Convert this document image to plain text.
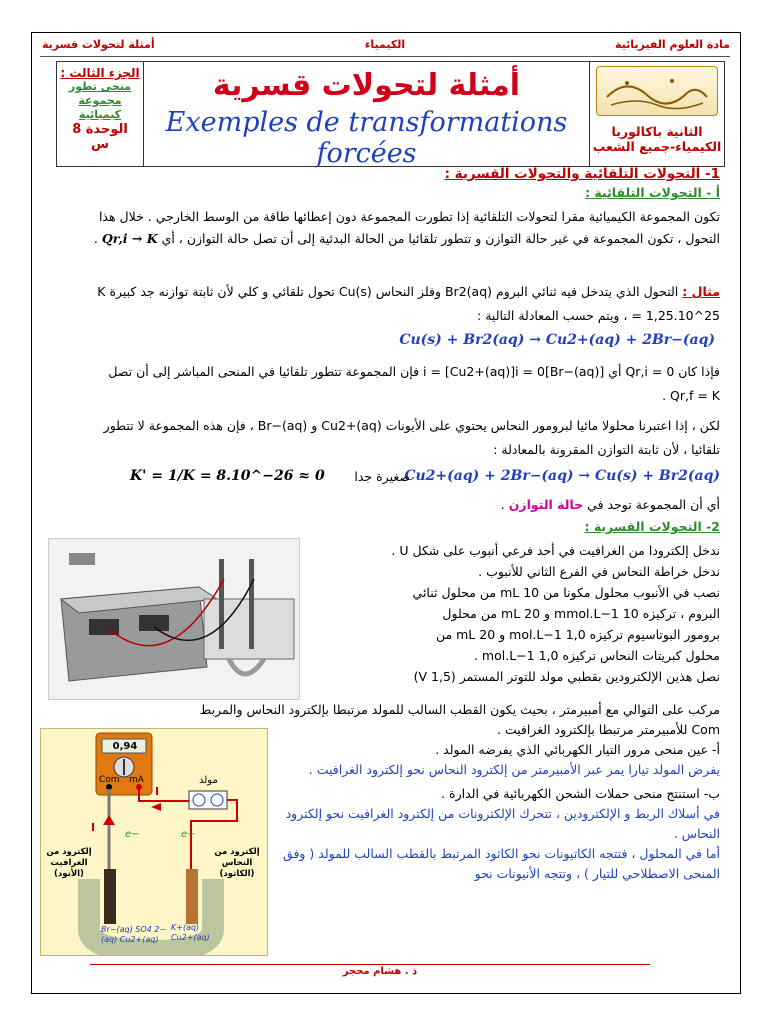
مادة العلوم الفيزيائية
الكيمياء
أمثلة لتحولات قسرية
الجزء الثالث :
منحى تطور مجموعة كيميائية
الوحدة 8
س
أمثلة لتحولات قسرية
Exemples de transformations forcées
الثانية باكالوريا
الكيمياء-جميع الشعب
1- التحولات التلقائية والتحولات القسرية :
أ - التحولات التلقائية :
تكون المجموعة الكيميائية مقرا لتحولات التلقائية إذا تطورت المجموعة دون إعطائها طاقة من الوسط الخارجي . خلال هذا التحول ، تكون المجموعة في غير حالة التوازن و تتطور تلقائيا من الحالة البدئية إلى أن تصل حالة التوازن ، أي Qr,i → K .
مثال : التحول الذي يتدخل فيه ثنائي البروم Br2(aq) وفلز النحاس Cu(s) تحول تلقائي و كلي لأن ثابتة توازنه جد كبيرة K = 1,25.10^25 ، ويتم حسب المعادلة التالية :
Cu(s) + Br2(aq) → Cu2+(aq) + 2Br−(aq)
فإذا كان Qr,i = 0 أي [Br−(aq)]i = [Cu2+(aq)]i = 0 فإن المجموعة تتطور تلقائيا في المنحى المباشر إلى أن تصل Qr,f = K .
لكن ، إذا اعتبرنا محلولا مائيا لبرومور النحاس يحتوي على الأيونات Cu2+(aq) و Br−(aq) ، فإن هذه المجموعة لا تتطور تلقائيا ، لأن ثابتة التوازن المقرونة بالمعادلة :
Cu2+(aq) + 2Br−(aq) → Cu(s) + Br2(aq)
صغيرة جدا
K' = 1/K = 8.10^−26 ≈ 0
أي أن المجموعة توجد في حالة التوازن .
2- التحولات القسرية :
ندخل إلكترودا من الغرافيت في أحد فرعي أنبوب على شكل U .
ندخل خراطة النحاس في الفرع الثاني للأنبوب .
نصب في الأنبوب محلول مكونا من 10 mL من محلول ثنائي
البروم ، تركيزه 10 mmol.L−1 و 20 mL من محلول
برومور البوتاسيوم تركيزه 1,0 mol.L−1 و 20 mL من
محلول كبريتات النحاس تركيزه 1,0 mol.L−1 .
نصل هذين الإلكترودين بقطبي مولد للتوتر المستمر (1,5 V)
مركب على التوالي مع أمبيرمتر ، بحيث يكون القطب السالب للمولد مرتبطا بإلكترود النحاس والمربط
Com للأمبيرمتر مرتبطا بإلكترود الغرافيت .
أ- عين منحى مرور التيار الكهربائي الذي يفرضه المولد .
يفرض المولد تيارا يمر عبر الأمبيرمتر من إلكترود النحاس نحو إلكترود الغرافيت .
ب- استنتج منحى حملات الشحن الكهربائية في الدارة .
في أسلاك الربط و الإلكترودين ، تتحرك الإلكترونات من إلكترود الغرافيت نحو إلكترود النحاس .
أما في المحلول ، فتتجه الكاتيونات نحو الكاثود المرتبط بالقطب السالب للمولد ( وفق المنحى الاصطلاحي للتيار ) ، وتتجه الأنيونات نحو
0,94
Com mA	مولد
I
I
e−	e−
إلكترود من الغرافيت (الأنود)
إلكترود من النحاس (الكاثود)
Br−(aq) SO4 2−(aq) Cu2+(aq)
K+(aq) Cu2+(aq)
ذ . هشام محجر
